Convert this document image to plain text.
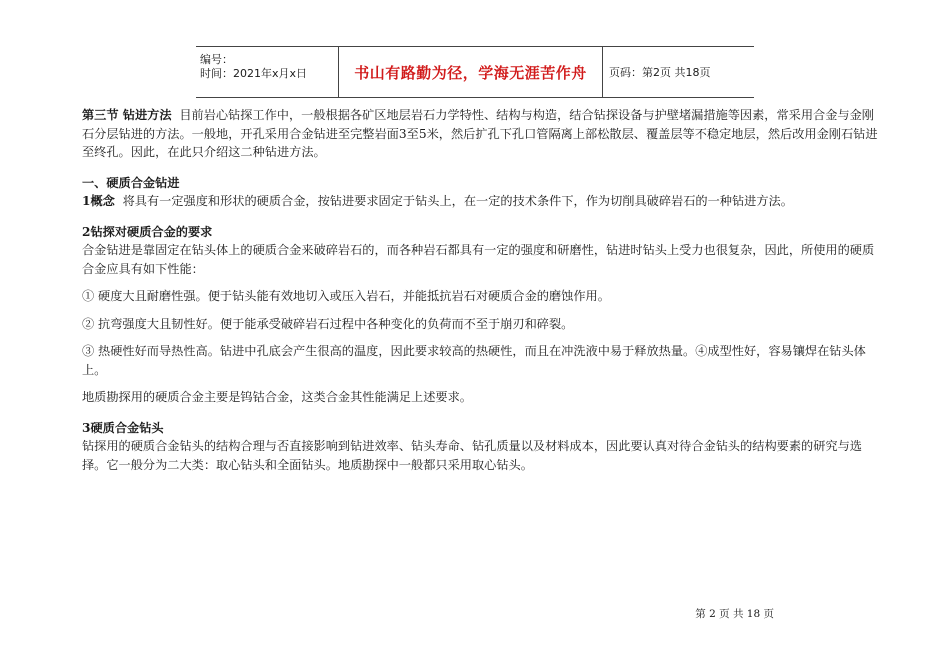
编号：
时间：2021年x月x日	书山有路勤为径，学海无涯苦作舟	页码：第2页 共18页

第三节 钻进方法 目前岩心钻探工作中，一般根据各矿区地层岩石力学特性、结构与构造，结合钻探设备与护壁堵漏措施等因素，常采用合金与金刚石分层钻进的方法。一般地，开孔采用合金钻进至完整岩面3至5米，然后扩孔下孔口管隔离上部松散层、覆盖层等不稳定地层，然后改用金刚石钻进至终孔。因此，在此只介绍这二种钻进方法。

一、硬质合金钻进

1概念 将具有一定强度和形状的硬质合金，按钻进要求固定于钻头上，在一定的技术条件下，作为切削具破碎岩石的一种钻进方法。

2钻探对硬质合金的要求

合金钻进是靠固定在钻头体上的硬质合金来破碎岩石的，而各种岩石都具有一定的强度和研磨性，钻进时钻头上受力也很复杂，因此，所使用的硬质合金应具有如下性能：

① 硬度大且耐磨性强。便于钻头能有效地切入或压入岩石，并能抵抗岩石对硬质合金的磨蚀作用。

② 抗弯强度大且韧性好。便于能承受破碎岩石过程中各种变化的负荷而不至于崩刃和碎裂。

③ 热硬性好而导热性高。钻进中孔底会产生很高的温度，因此要求较高的热硬性，而且在冲洗液中易于释放热量。④成型性好，容易镶焊在钻头体上。

地质勘探用的硬质合金主要是钨钴合金，这类合金其性能满足上述要求。

3硬质合金钻头

钻探用的硬质合金钻头的结构合理与否直接影响到钻进效率、钻头寿命、钻孔质量以及材料成本，因此要认真对待合金钻头的结构要素的研究与选择。它一般分为二大类：取心钻头和全面钻头。地质勘探中一般都只采用取心钻头。

第 2 页 共 18 页
